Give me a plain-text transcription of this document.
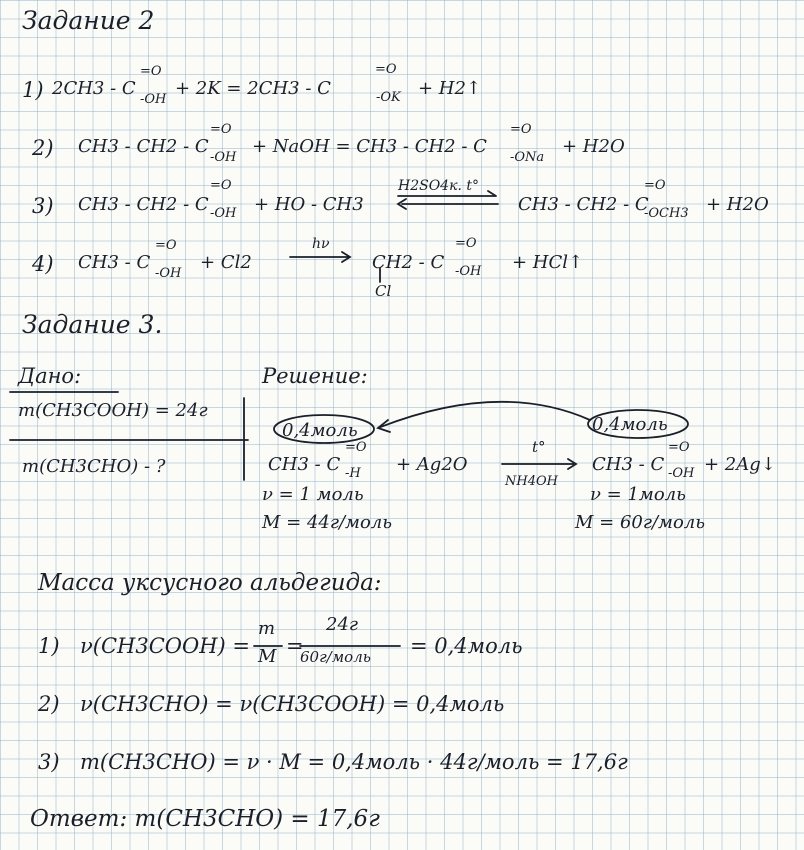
Задание 2
1) 2CH3 - C
=O
-OH
+ 2K = 2CH3 - C
=O
-OK + H2↑
2) CH3 - CH2 - C
=O
-OH
+ NaOH = CH3 - CH2 - C
=O
-ONa
+ H2O
3) CH3 - CH2 - C
=O
-OH + HO - CH3
H2SO4к. t°
CH3 - CH2 - C
=O
-OCH3 + H2O
4) CH3 - C
=O
-OH
+ Cl2
hν
CH2 - C
=O
-OH + HCl↑
Cl
Задание 3.
Дано:
m(CH3COOH) = 24г
m(CH3CHO) - ?
Решение:
0,4моль	0,4моль
CH3 - C
=O
-H + Ag2O
t°
NH4OH
CH3 - C
=O
-OH + 2Ag↓
ν = 1 моль
M = 44г/моль
ν = 1моль
M = 60г/моль
Масса уксусного альдегида:
1) ν(CH3COOH) =
m
M =
24г
60г/моль = 0,4моль
2) ν(CH3CHO) = ν(CH3COOH) = 0,4моль
3) m(CH3CHO) = ν · M = 0,4моль · 44г/моль = 17,6г
Ответ: m(CH3CHO) = 17,6г
